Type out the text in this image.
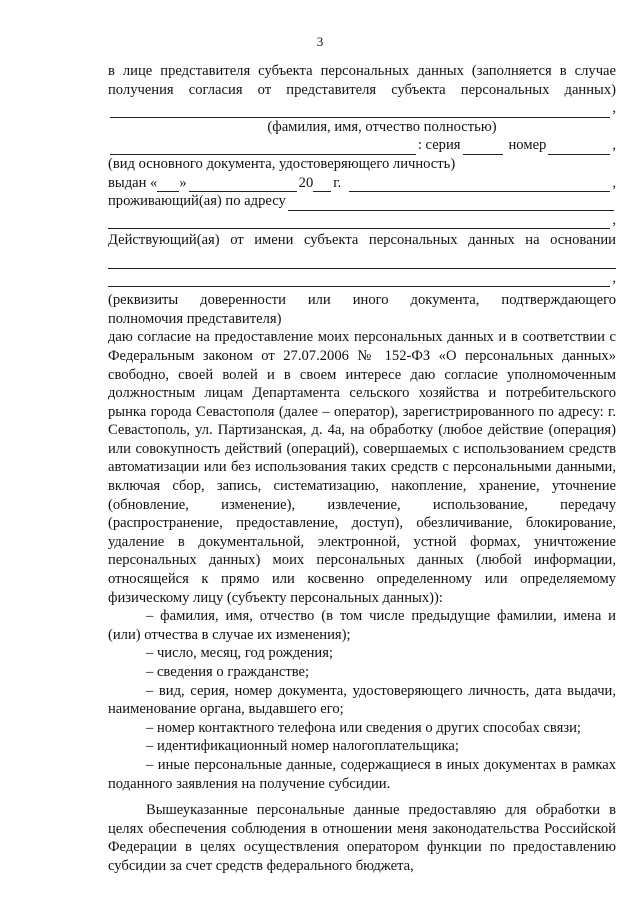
3
в лице представителя субъекта персональных данных (заполняется в случае
получения согласия от представителя субъекта персональных данных)
,
(фамилия, имя, отчество полностью)
: серия	номер	,
(вид основного документа, удостоверяющего личность)
выдан « »	20 г.	,
проживающий(ая) по адресу
,
Действующий(ая) от имени субъекта персональных данных на основании
,
(реквизиты доверенности или иного документа, подтверждающего
полномочия представителя)
даю согласие на предоставление моих персональных данных и в соответствии с Федеральным законом от 27.07.2006 № 152-ФЗ «О персональных данных» свободно, своей волей и в своем интересе даю согласие уполномоченным должностным лицам Департамента сельского хозяйства и потребительского рынка города Севастополя (далее – оператор), зарегистрированного по адресу: г. Севастополь, ул. Партизанская, д. 4а, на обработку (любое действие (операция) или совокупность действий (операций), совершаемых с использованием средств автоматизации или без использования таких средств с персональными данными, включая сбор, запись, систематизацию, накопление, хранение, уточнение (обновление, изменение), извлечение, использование, передачу (распространение, предоставление, доступ), обезличивание, блокирование, удаление в документальной, электронной, устной формах, уничтожение персональных данных) моих персональных данных (любой информации, относящейся к прямо или косвенно определенному или определяемому физическому лицу (субъекту персональных данных)):
– фамилия, имя, отчество (в том числе предыдущие фамилии, имена и (или) отчества в случае их изменения);
– число, месяц, год рождения;
– сведения о гражданстве;
– вид, серия, номер документа, удостоверяющего личность, дата выдачи, наименование органа, выдавшего его;
– номер контактного телефона или сведения о других способах связи;
– идентификационный номер налогоплательщика;
– иные персональные данные, содержащиеся в иных документах в рамках поданного заявления на получение субсидии.
Вышеуказанные персональные данные предоставляю для обработки в целях обеспечения соблюдения в отношении меня законодательства Российской Федерации в целях осуществления оператором функции по предоставлению субсидии за счет средств федерального бюджета,
